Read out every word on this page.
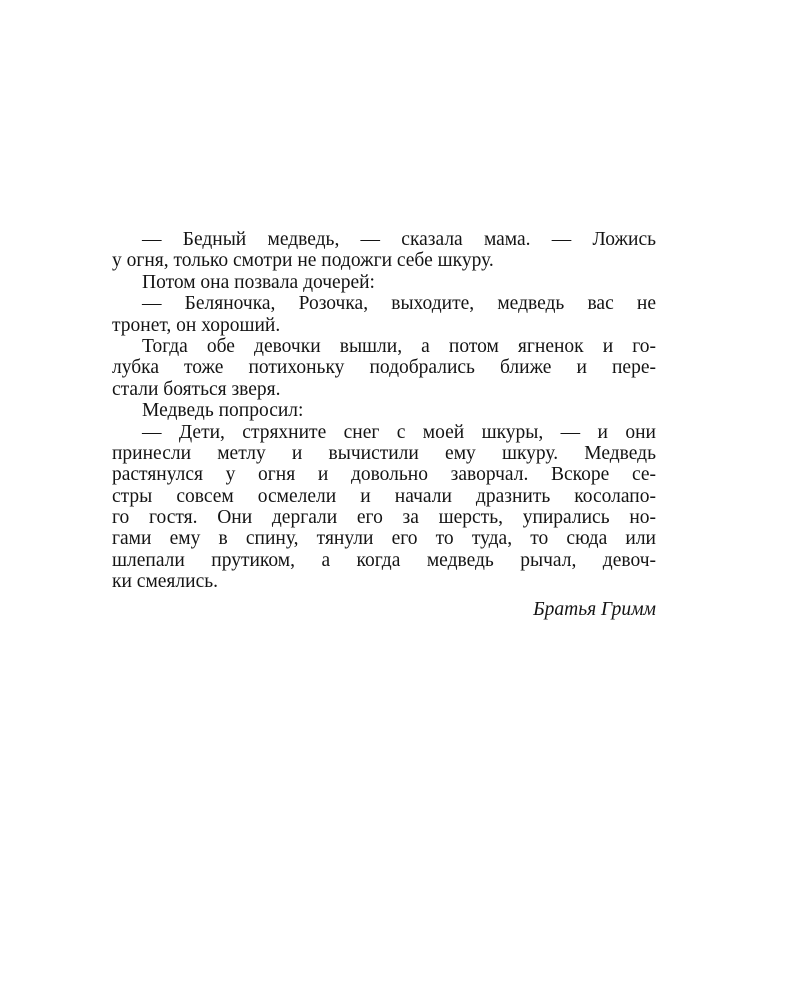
— Бедный медведь, — сказала мама. — Ложись
у огня, только смотри не подожги себе шкуру.
Потом она позвала дочерей:
— Беляночка, Розочка, выходите, медведь вас не
тронет, он хороший.
Тогда обе девочки вышли, а потом ягненок и го-
лубка тоже потихоньку подобрались ближе и пере-
стали бояться зверя.
Медведь попросил:
— Дети, стряхните снег с моей шкуры, — и они
принесли метлу и вычистили ему шкуру. Медведь
растянулся у огня и довольно заворчал. Вскоре се-
стры совсем осмелели и начали дразнить косолапо-
го гостя. Они дергали его за шерсть, упирались но-
гами ему в спину, тянули его то туда, то сюда или
шлепали прутиком, а когда медведь рычал, девоч-
ки смеялись.
Братья Гримм
